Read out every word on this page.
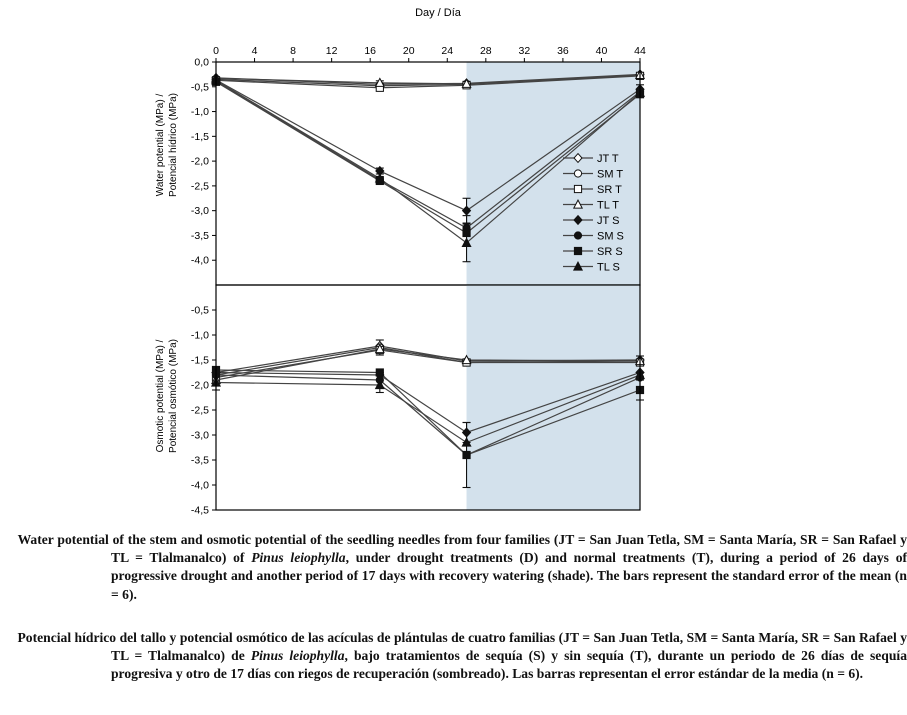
Day / Día
Water potential (MPa) / Potencial hídrico (MPa)
0,0
-0,5
-1,0
-1,5
-2,0
-2,5
-3,0
-3,5
-4,0
0	4	8	12	16	20	24	28	32	36	40	44
JT T
SM T
SR T
TL T
JT S
SM S
SR S
TL S
Osmotic potential (MPa) / Potencial osmótico (MPa)
-0,5
-1,0
-1,5
-2,0
-2,5
-3,0
-3,5
-4,0
-4,5
Water potential of the stem and osmotic potential of the seedling needles from four families (JT = San Juan Tetla, SM = Santa María, SR = San Rafael y TL = Tlalmanalco) of Pinus leiophylla, under drought treatments (D) and normal treatments (T), during a period of 26 days of progressive drought and another period of 17 days with recovery watering (shade). The bars represent the standard error of the mean (n = 6).
Potencial hídrico del tallo y potencial osmótico de las acículas de plántulas de cuatro familias (JT = San Juan Tetla, SM = Santa María, SR = San Rafael y TL = Tlalmanalco) de Pinus leiophylla, bajo tratamientos de sequía (S) y sin sequía (T), durante un periodo de 26 días de sequía progresiva y otro de 17 días con riegos de recuperación (sombreado). Las barras representan el error estándar de la media (n = 6).
